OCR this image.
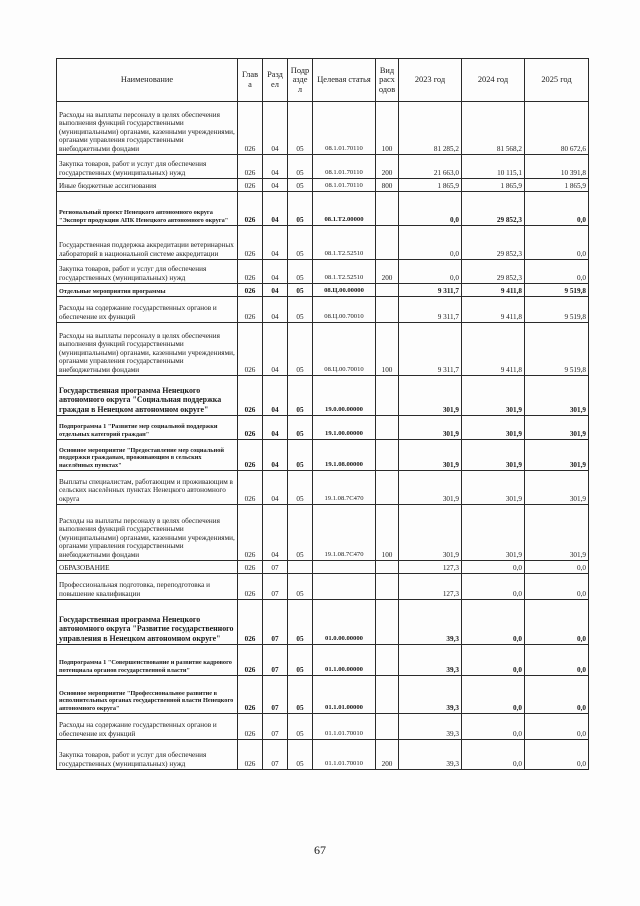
Наименование	Глав а	Разд ел	Подр азде л	Целевая статья	Вид расх одов	2023 год	2024 год	2025 год
Расходы на выплаты персоналу в целях обеспечения выполнения функций государственными (муниципальными) органами, казенными учреждениями, органами управления государственными внебюджетными фондами	026	04	05	08.1.01.70110	100	81 285,2	81 568,2	80 672,6
Закупка товаров, работ и услуг для обеспечения государственных (муниципальных) нужд	026	04	05	08.1.01.70110	200	21 663,0	10 115,1	10 391,8
Иные бюджетные ассигнования	026	04	05	08.1.01.70110	800	1 865,9	1 865,9	1 865,9
Региональный проект Ненецкого автономного округа "Экспорт продукции АПК Ненецкого автономного округа"	026	04	05	08.1.Т2.00000		0,0	29 852,3	0,0
Государственная поддержка аккредитации ветеринарных лабораторий в национальной системе аккредитации	026	04	05	08.1.Т2.52510		0,0	29 852,3	0,0
Закупка товаров, работ и услуг для обеспечения государственных (муниципальных) нужд	026	04	05	08.1.Т2.52510	200	0,0	29 852,3	0,0
Отдельные мероприятия программы	026	04	05	08.Ц.00.00000		9 311,7	9 411,8	9 519,8
Расходы на содержание государственных органов и обеспечение их функций	026	04	05	08.Ц.00.70010		9 311,7	9 411,8	9 519,8
Расходы на выплаты персоналу в целях обеспечения выполнения функций государственными (муниципальными) органами, казенными учреждениями, органами управления государственными внебюджетными фондами	026	04	05	08.Ц.00.70010	100	9 311,7	9 411,8	9 519,8
Государственная программа Ненецкого автономного округа "Социальная поддержка граждан в Ненецком автономном округе"	026	04	05	19.0.00.00000		301,9	301,9	301,9
Подпрограмма 1 "Развитие мер социальной поддержки отдельных категорий граждан"	026	04	05	19.1.00.00000		301,9	301,9	301,9
Основное мероприятие "Предоставление мер социальной поддержки гражданам, проживающим в сельских населённых пунктах"	026	04	05	19.1.08.00000		301,9	301,9	301,9
Выплаты специалистам, работающим и проживающим в сельских населённых пунктах Ненецкого автономного округа	026	04	05	19.1.08.7С470		301,9	301,9	301,9
Расходы на выплаты персоналу в целях обеспечения выполнения функций государственными (муниципальными) органами, казенными учреждениями, органами управления государственными внебюджетными фондами	026	04	05	19.1.08.7С470	100	301,9	301,9	301,9
ОБРАЗОВАНИЕ	026	07				127,3	0,0	0,0
Профессиональная подготовка, переподготовка и повышение квалификации	026	07	05			127,3	0,0	0,0
Государственная программа Ненецкого автономного округа "Развитие государственного управления в Ненецком автономном округе"	026	07	05	01.0.00.00000		39,3	0,0	0,0
Подпрограмма 1 "Совершенствование и развитие кадрового потенциала органов государственной власти"	026	07	05	01.1.00.00000		39,3	0,0	0,0
Основное мероприятие "Профессиональное развитие в исполнительных органах государственной власти Ненецкого автономного округа"	026	07	05	01.1.01.00000		39,3	0,0	0,0
Расходы на содержание государственных органов и обеспечение их функций	026	07	05	01.1.01.70010		39,3	0,0	0,0
Закупка товаров, работ и услуг для обеспечения государственных (муниципальных) нужд	026	07	05	01.1.01.70010	200	39,3	0,0	0,0
67
